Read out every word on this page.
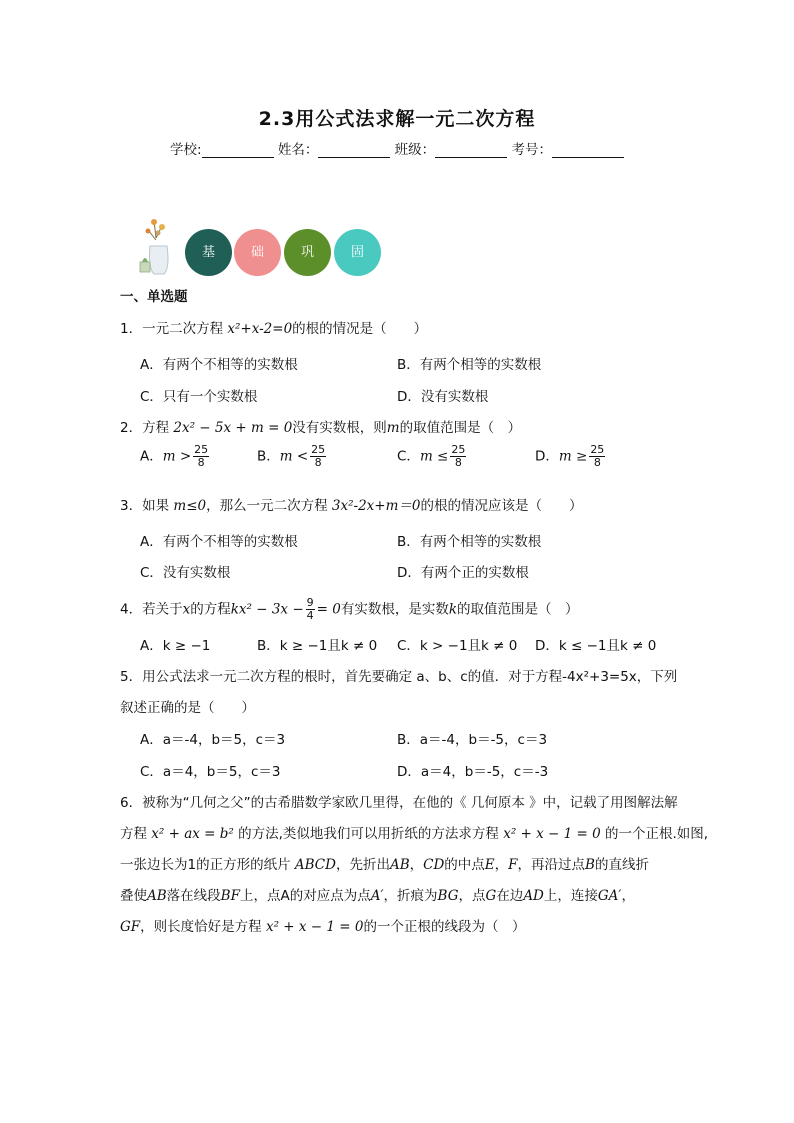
2.3用公式法求解一元二次方程
学校:	姓名：	班级：	考号：
基	础	巩	固
一、单选题
1．一元二次方程 x²+x-2=0的根的情况是（　　）
A．有两个不相等的实数根	B．有两个相等的实数根
C．只有一个实数根	D．没有实数根
2．方程 2x² − 5x + m = 0没有实数根，则m的取值范围是（　）
A．$m > \frac{25}{8}$	B．$m < \frac{25}{8}$	C．$m \le \frac{25}{8}$	D．$m \ge \frac{25}{8}$
3．如果 m≤0，那么一元二次方程 3x²-2x+m＝0的根的情况应该是（　　）
A．有两个不相等的实数根	B．有两个相等的实数根
C．没有实数根	D．有两个正的实数根
4．若关于x的方程$kx^2 - 3x - \frac{9}{4} = 0$有实数根，是实数k的取值范围是（　）
A．k ≥ −1	B．k ≥ −1且k ≠ 0 C．k > −1且k ≠ 0 D．k ≤ −1且k ≠ 0
5．用公式法求一元二次方程的根时，首先要确定 a、b、c的值．对于方程-4x²+3=5x，下列
叙述正确的是（　　）
A．a＝-4，b＝5，c＝3	B．a＝-4，b＝-5，c＝3
C．a＝4，b＝5，c＝3	D．a＝4，b＝-5，c＝-3
6．被称为“几何之父”的古希腊数学家欧几里得，在他的《 几何原本 》中，记载了用图解法解
方程 x² + ax = b² 的方法,类似地我们可以用折纸的方法求方程 x² + x − 1 = 0 的一个正根.如图,
一张边长为1的正方形的纸片 ABCD，先折出AB，CD的中点E，F，再沿过点B的直线折
叠使AB落在线段BF上，点A的对应点为点A′，折痕为BG，点G在边AD上，连接GA′，
GF，则长度恰好是方程 x² + x − 1 = 0的一个正根的线段为（　）
